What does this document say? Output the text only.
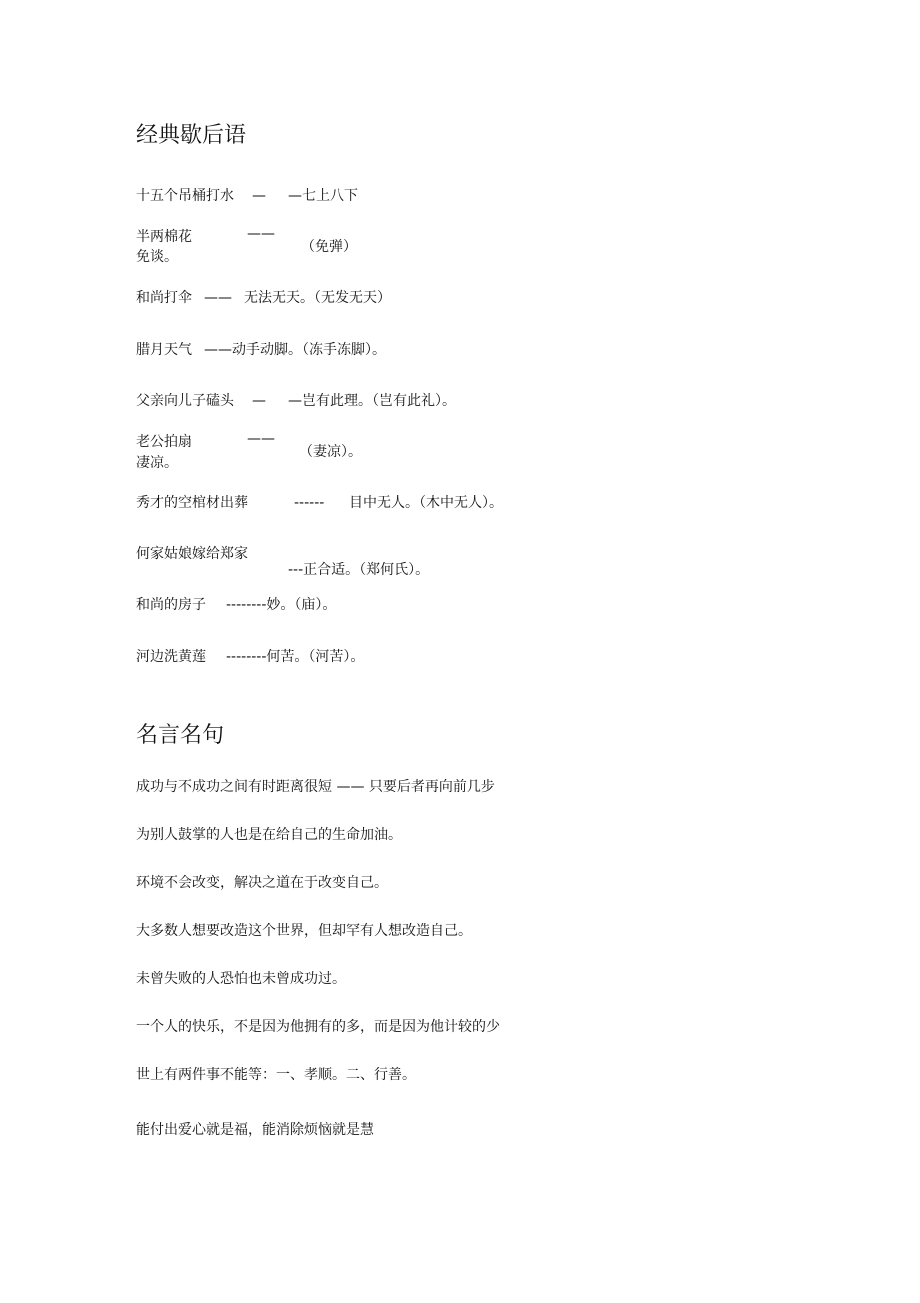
经典歇后语
十五个吊桶打水 — —七上八下
半两棉花	——
免谈。
（免弹）
和尚打伞 —— 无法无天。（无发无天）
腊月天气 ——动手动脚。（冻手冻脚）。
父亲向儿子磕头 — —岂有此理。（岂有此礼）。
老公拍扇	——
凄凉。
（妻凉）。
秀才的空棺材出葬	------ 目中无人。（木中无人）。
何家姑娘嫁给郑家
---正合适。（郑何氏）。
和尚的房子 --------妙。（庙）。
河边洗黄莲 --------何苦。（河苦）。
名言名句
成功与不成功之间有时距离很短 —— 只要后者再向前几步
为别人鼓掌的人也是在给自己的生命加油。
环境不会改变，解决之道在于改变自己。
大多数人想要改造这个世界，但却罕有人想改造自己。
未曾失败的人恐怕也未曾成功过。
一个人的快乐，不是因为他拥有的多，而是因为他计较的少
世上有两件事不能等：一、孝顺。二、行善。
能付出爱心就是福，能消除烦恼就是慧
